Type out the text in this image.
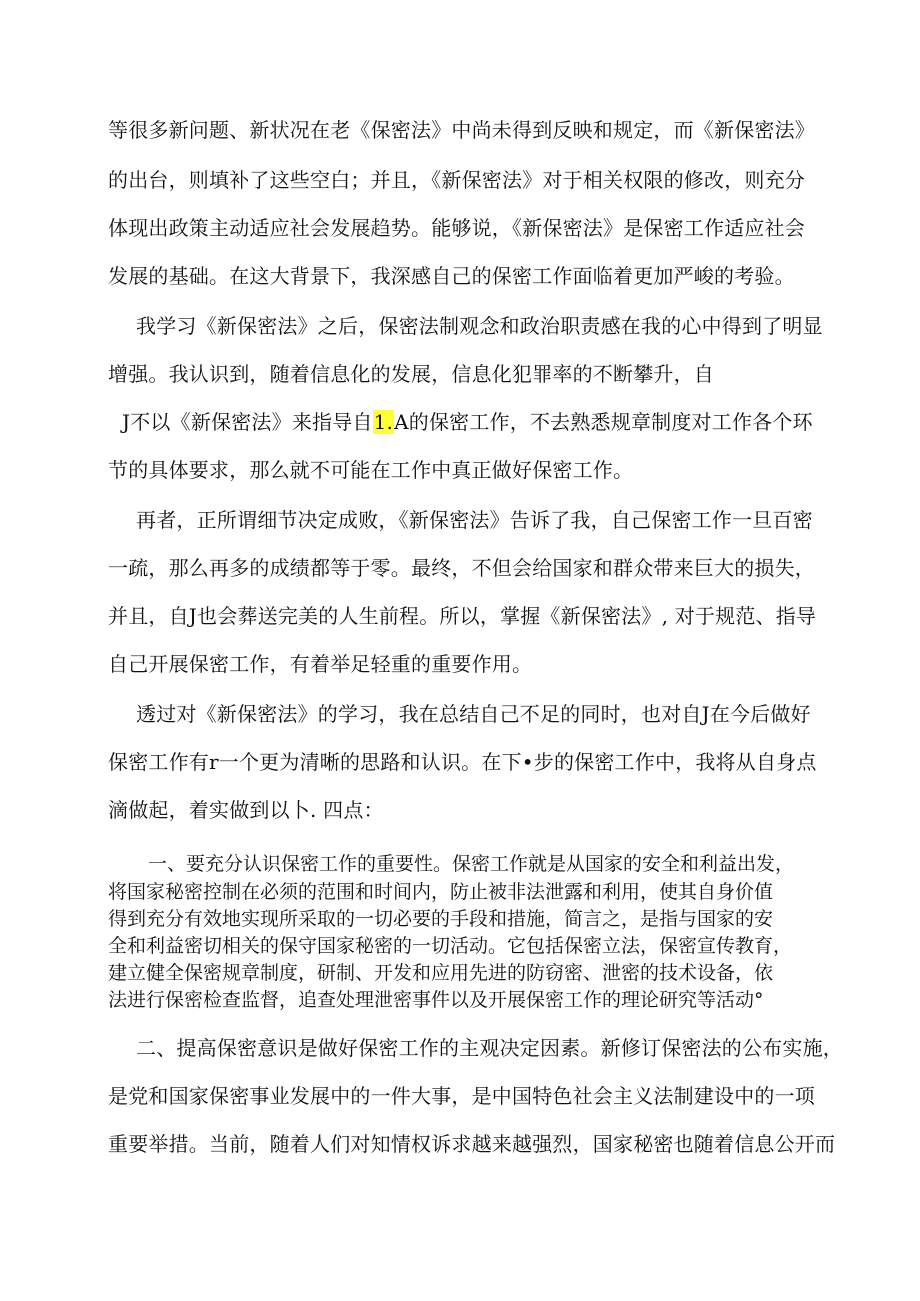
等很多新问题、新状况在老《保密法》中尚未得到反映和规定，而《新保密法》
的出台，则填补了这些空白；并且，《新保密法》对于相关权限的修改，则充分
体现出政策主动适应社会发展趋势。能够说，《新保密法》是保密工作适应社会
发展的基础。在这大背景下，我深感自己的保密工作面临着更加严峻的考验。
我学习《新保密法》之后，保密法制观念和政治职责感在我的心中得到了明显
增强。我认识到，随着信息化的发展，信息化犯罪率的不断攀升，自
J不以《新保密法》来指导自1.A的保密工作，不去熟悉规章制度对工作各个环
节的具体要求，那么就不可能在工作中真正做好保密工作。
再者，正所谓细节决定成败，《新保密法》告诉了我，自己保密工作一旦百密
一疏，那么再多的成绩都等于零。最终，不但会给国家和群众带来巨大的损失，
并且，自J也会葬送完美的人生前程。所以，掌握《新保密法》, 对于规范、指导
自己开展保密工作，有着举足轻重的重要作用。
透过对《新保密法》的学习，我在总结自己不足的同时，也对自J在今后做好
保密工作有r一个更为清晰的思路和认识。在下•步的保密工作中，我将从自身点
滴做起，着实做到以卜. 四点：
一、要充分认识保密工作的重要性。保密工作就是从国家的安全和利益出发，
将国家秘密控制在必须的范围和时间内，防止被非法泄露和利用，使其自身价值
得到充分有效地实现所采取的一切必要的手段和措施，简言之，是指与国家的安
全和利益密切相关的保守国家秘密的一切活动。它包括保密立法，保密宣传教育，
建立健全保密规章制度，研制、开发和应用先进的防窃密、泄密的技术设备，依
法进行保密检查监督，追查处理泄密事件以及开展保密工作的理论研究等活动°
二、提高保密意识是做好保密工作的主观决定因素。新修订保密法的公布实施，
是党和国家保密事业发展中的一件大事，是中国特色社会主义法制建设中的一项
重要举措。当前，随着人们对知情权诉求越来越强烈，国家秘密也随着信息公开而
